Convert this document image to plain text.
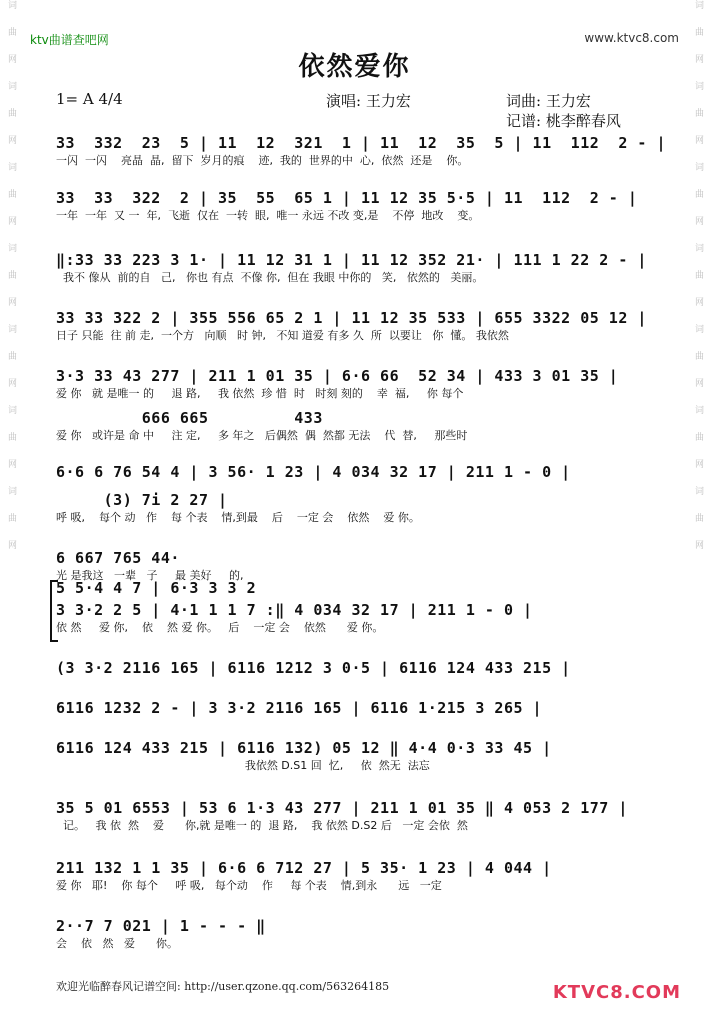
词
曲
网
词
曲
网
词
曲
网
词
曲
网
词
曲
网
词
曲
网
词
曲
网
词
曲
网
词
曲
网
词
曲
网
词
曲
网
词
曲
网
词
曲
网
词
曲
网
ktv曲谱查吧网	www.ktvc8.com
依然爱你
1= A 4/4	演唱: 王力宏	词曲: 王力宏
记谱: 桃李醉春风
33  332  23  5 | 11  12  321  1 | 11  12  35  5 | 11  112  2 - |
一闪  一闪    亮晶  晶,  留下  岁月的痕    迹,  我的  世界的中  心,  依然  还是    你。
33  33  322  2 | 35  55  65 1 | 11 12 35 5·5 | 11  112  2 - |
一年  一年  又 一  年,  飞逝  仅在  一转  眼,  唯一 永远 不改 变,是    不停  地改    变。
‖:33 33 223 3 1· | 11 12 31 1 | 11 12 352 21· | 111 1 22 2 - |
我不 像从  前的自   己,   你也 有点  不像 你,  但在 我眼 中你的   笑,   依然的   美丽。
33 33 322 2 | 355 556 65 2 1 | 11 12 35 533 | 655 3322 05 12 |
日子 只能  往 前 走,  一个方   向顺   时 钟,   不知 道爱 有多 久  所  以要让   你  懂。 我依然
3·3 33 43 277 | 211 1 01 35 | 6·6 66  52 34 | 433 3 01 35 |
爱 你   就 是唯一 的     退 路,     我 依然  珍 惜  时   时刻 刻的    幸  福,     你 每个
666 665         433
爱 你   或许是 命 中     注 定,     多 年之   后偶然  偶  然都 无法    代  替,     那些时
6·6 6 76 54 4 | 3 56· 1 23 | 4 034 32 17 | 211 1 - 0 |
(3) 7i 2 27 |
呼 吸,    每个 动   作    每 个表    情,到最    后    一定 会    依然    爱 你。
6 667 765 44·
光 是我这   一辈   子     最 美好     的,
5 5·4 4 7 | 6·3 3 3 2
3 3·2 2 5 | 4·1 1 1 7 :‖ 4 034 32 17 | 211 1 - 0 |
依 然     爱 你,    依    然 爱 你。   后    一定 会    依然      爱 你。
(3 3·2 2116 165 | 6116 1212 3 0·5 | 6116 124 433 215 |
6116 1232 2 - | 3 3·2 2116 165 | 6116 1·215 3 265 |
6116 124 433 215 | 6116 132) 05 12 ‖ 4·4 0·3 33 45 |
我依然 D.S1 回  忆,     依  然无  法忘
35 5 01 6553 | 53 6 1·3 43 277 | 211 1 01 35 ‖ 4 053 2 177 |
记。   我 依  然    爱      你,就 是唯一 的  退 路,    我 依然 D.S2 后   一定 会依  然
211 132 1 1 35 | 6·6 6 712 27 | 5 35· 1 23 | 4 044 |
爱 你   耶!    你 每个     呼 吸,   每个动    作     每 个表    情,到永      远   一定
2··7 7 021 | 1 - - - ‖
会    依   然   爱      你。
欢迎光临醉春风记谱空间: http://user.qzone.qq.com/563264185	KTVC8.COM
